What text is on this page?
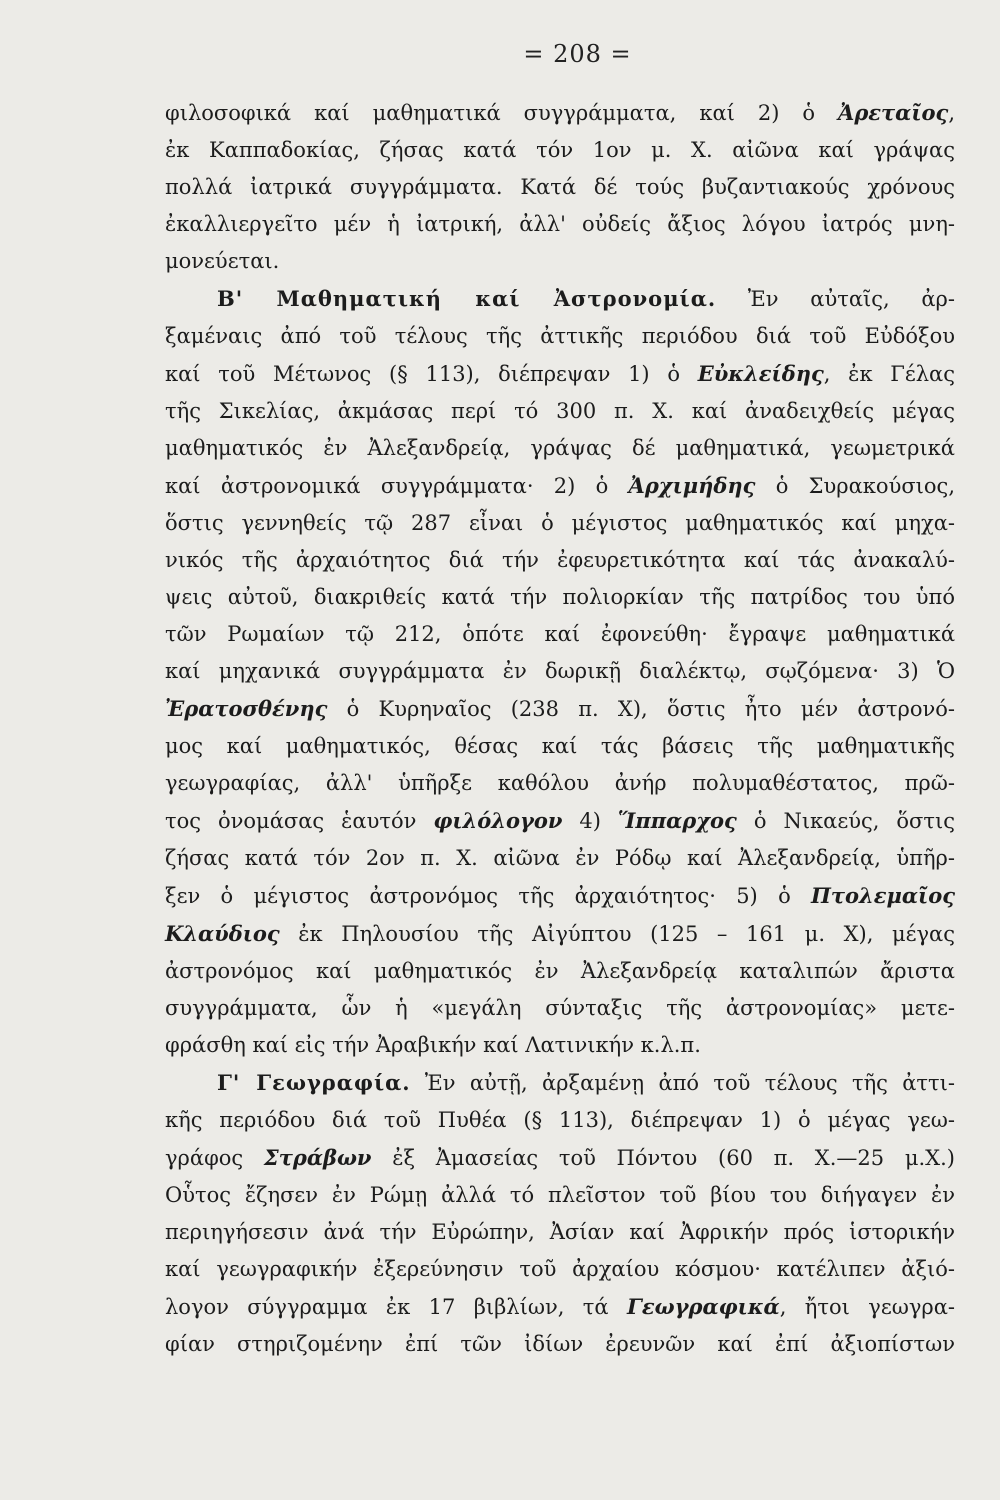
= 208 =
φιλοσοφικά καί μαθηματικά συγγράμματα, καί 2) ὁ Ἀρεταῖος,
ἐκ Καππαδοκίας, ζήσας κατά τόν 1ον μ. Χ. αἰῶνα καί γράψας
πολλά ἰατρικά συγγράμματα. Κατά δέ τούς βυζαντιακούς χρόνους
ἐκαλλιεργεῖτο μέν ἡ ἰατρική, ἀλλ' οὐδείς ἄξιος λόγου ἰατρός μνη-
μονεύεται.
Β' Μαθηματική καί Ἀστρονομία. Ἐν αὐταῖς, ἀρ-
ξαμέναις ἀπό τοῦ τέλους τῆς ἀττικῆς περιόδου διά τοῦ Εὐδόξου
καί τοῦ Μέτωνος (§ 113), διέπρεψαν 1) ὁ Εὐκλείδης, ἐκ Γέλας
τῆς Σικελίας, ἀκμάσας περί τό 300 π. Χ. καί ἀναδειχθείς μέγας
μαθηματικός ἐν Ἀλεξανδρείᾳ, γράψας δέ μαθηματικά, γεωμετρικά
καί ἀστρονομικά συγγράμματα· 2) ὁ Ἀρχιμήδης ὁ Συρακούσιος,
ὅστις γεννηθείς τῷ 287 εἶναι ὁ μέγιστος μαθηματικός καί μηχα-
νικός τῆς ἀρχαιότητος διά τήν ἐφευρετικότητα καί τάς ἀνακαλύ-
ψεις αὐτοῦ, διακριθείς κατά τήν πολιορκίαν τῆς πατρίδος του ὑπό
τῶν Ρωμαίων τῷ 212, ὁπότε καί ἐφονεύθη· ἔγραψε μαθηματικά
καί μηχανικά συγγράμματα ἐν δωρικῇ διαλέκτῳ, σῳζόμενα· 3) Ὁ
Ἐρατοσθένης ὁ Κυρηναῖος (238 π. Χ), ὅστις ἦτο μέν ἀστρονό-
μος καί μαθηματικός, θέσας καί τάς βάσεις τῆς μαθηματικῆς
γεωγραφίας, ἀλλ' ὑπῆρξε καθόλου ἀνήρ πολυμαθέστατος, πρῶ-
τος ὀνομάσας ἑαυτόν φιλόλογον 4) Ἵππαρχος ὁ Νικαεύς, ὅστις
ζήσας κατά τόν 2ον π. Χ. αἰῶνα ἐν Ρόδῳ καί Ἀλεξανδρείᾳ, ὑπῆρ-
ξεν ὁ μέγιστος ἀστρονόμος τῆς ἀρχαιότητος· 5) ὁ Πτολεμαῖος
Κλαύδιος ἐκ Πηλουσίου τῆς Αἰγύπτου (125 – 161 μ. Χ), μέγας
ἀστρονόμος καί μαθηματικός ἐν Ἀλεξανδρείᾳ καταλιπών ἄριστα
συγγράμματα, ὧν ἡ «μεγάλη σύνταξις τῆς ἀστρονομίας» μετε-
φράσθη καί εἰς τήν Ἀραβικήν καί Λατινικήν κ.λ.π.
Γ' Γεωγραφία. Ἐν αὐτῇ, ἀρξαμένῃ ἀπό τοῦ τέλους τῆς ἀττι-
κῆς περιόδου διά τοῦ Πυθέα (§ 113), διέπρεψαν 1) ὁ μέγας γεω-
γράφος Στράβων ἐξ Ἀμασείας τοῦ Πόντου (60 π. Χ.—25 μ.Χ.)
Οὗτος ἔζησεν ἐν Ρώμῃ ἀλλά τό πλεῖστον τοῦ βίου του διήγαγεν ἐν
περιηγήσεσιν ἀνά τήν Εὐρώπην, Ἀσίαν καί Ἀφρικήν πρός ἱστορικήν
καί γεωγραφικήν ἐξερεύνησιν τοῦ ἀρχαίου κόσμου· κατέλιπεν ἀξιό-
λογον σύγγραμμα ἐκ 17 βιβλίων, τά Γεωγραφικά, ἤτοι γεωγρα-
φίαν στηριζομένην ἐπί τῶν ἰδίων ἐρευνῶν καί ἐπί ἀξιοπίστων
